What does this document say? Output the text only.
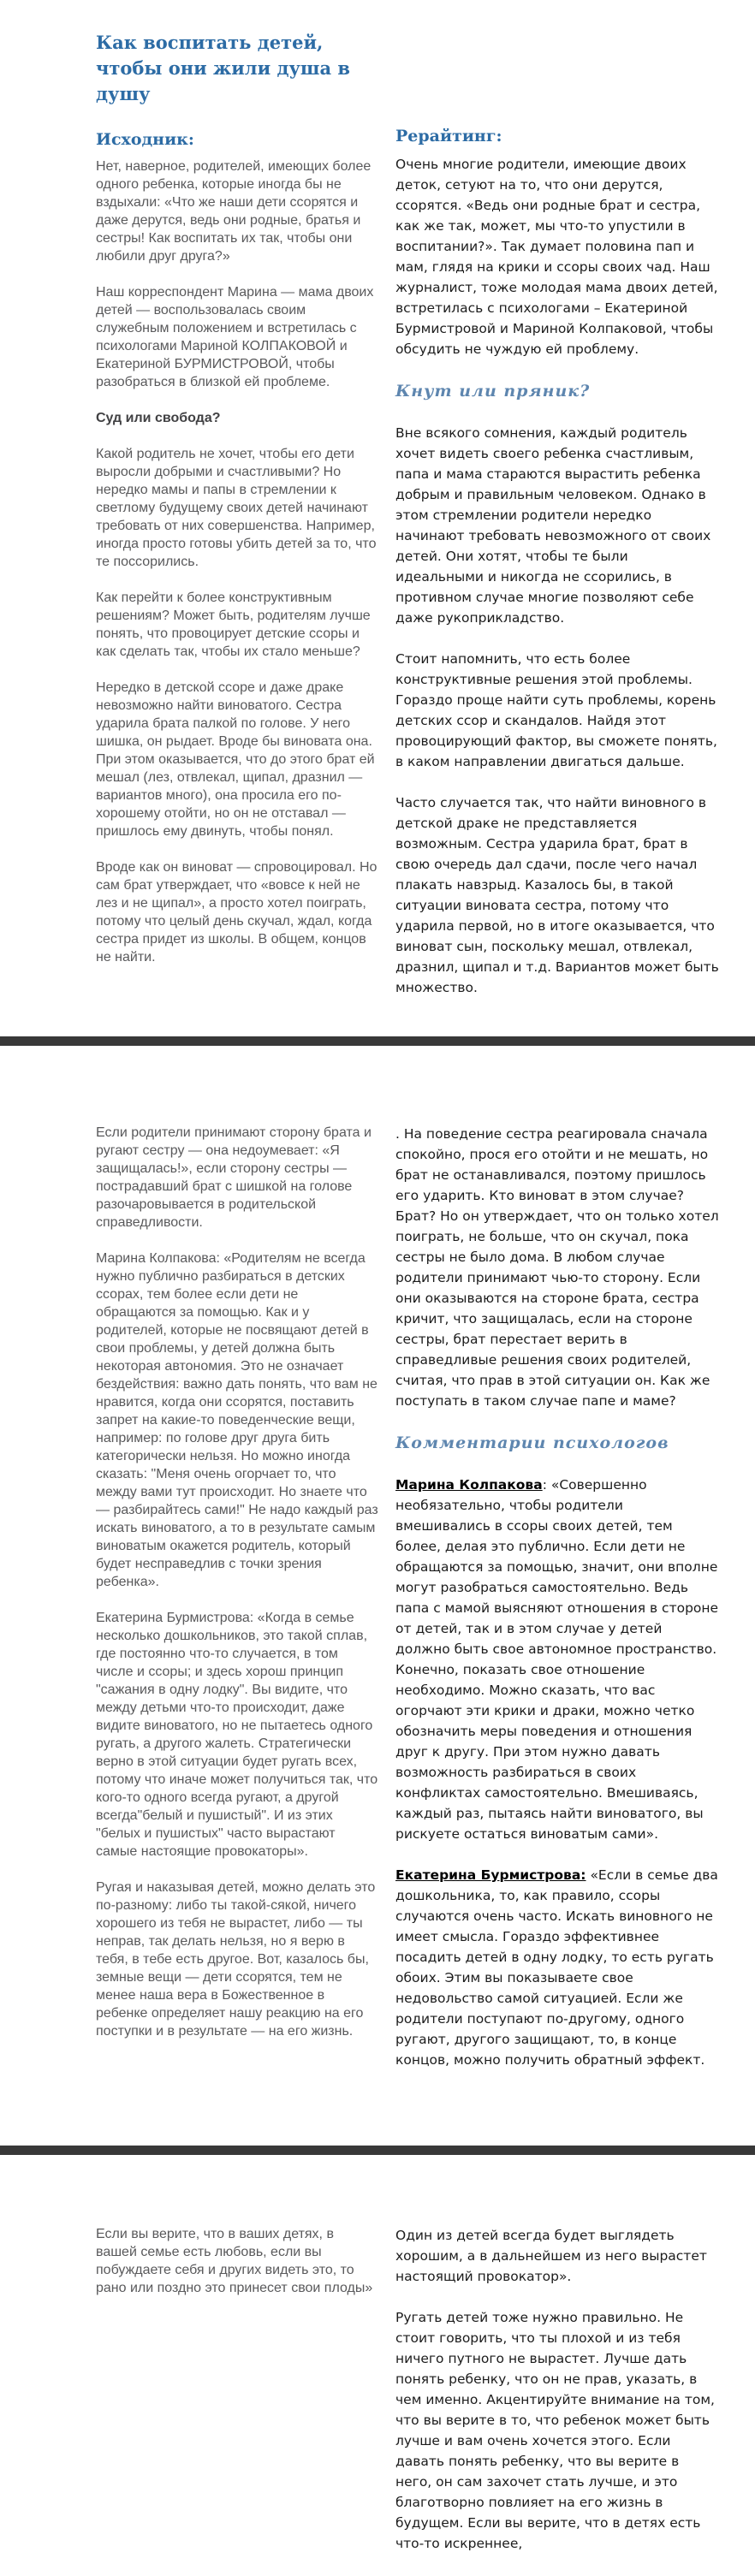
Как воспитать детей, чтобы они жили душа в душу
Исходник:

Нет, наверное, родителей, имеющих более одного ребенка, которые иногда бы не вздыхали: «Что же наши дети ссорятся и даже дерутся, ведь они родные, братья и сестры! Как воспитать их так, чтобы они любили друг друга?»

Наш корреспондент Марина — мама двоих детей — воспользовалась своим служебным положением и встретилась с психологами Мариной КОЛПАКОВОЙ и Екатериной БУРМИСТРОВОЙ, чтобы разобраться в близкой ей проблеме.

Суд или свобода?

Какой родитель не хочет, чтобы его дети выросли добрыми и счастливыми? Но нередко мамы и папы в стремлении к светлому будущему своих детей начинают требовать от них совершенства. Например, иногда просто готовы убить детей за то, что те поссорились.

Как перейти к более конструктивным решениям? Может быть, родителям лучше понять, что провоцирует детские ссоры и как сделать так, чтобы их стало меньше?

Нередко в детской ссоре и даже драке невозможно найти виноватого. Сестра ударила брата палкой по голове. У него шишка, он рыдает. Вроде бы виновата она. При этом оказывается, что до этого брат ей мешал (лез, отвлекал, щипал, дразнил — вариантов много), она просила его по-хорошему отойти, но он не отставал — пришлось ему двинуть, чтобы понял.

Вроде как он виноват — спровоцировал. Но сам брат утверждает, что «вовсе к ней не лез и не щипал», а просто хотел поиграть, потому что целый день скучал, ждал, когда сестра придет из школы. В общем, концов не найти.

Рерайтинг:

Очень многие родители, имеющие двоих деток, сетуют на то, что они дерутся, ссорятся. «Ведь они родные брат и сестра, как же так, может, мы что-то упустили в воспитании?». Так думает половина пап и мам, глядя на крики и ссоры своих чад. Наш журналист, тоже молодая мама двоих детей, встретилась с психологами – Екатериной Бурмистровой и Мариной Колпаковой, чтобы обсудить не чуждую ей проблему.

Кнут или пряник?

Вне всякого сомнения, каждый родитель хочет видеть своего ребенка счастливым, папа и мама стараются вырастить ребенка добрым и правильным человеком. Однако в этом стремлении родители нередко начинают требовать невозможного от своих детей. Они хотят, чтобы те были идеальными и никогда не ссорились, в противном случае многие позволяют себе даже рукоприкладство.

Стоит напомнить, что есть более конструктивные решения этой проблемы. Гораздо проще найти суть проблемы, корень детских ссор и скандалов. Найдя этот провоцирующий фактор, вы сможете понять, в каком направлении двигаться дальше.

Часто случается так, что найти виновного в детской драке не представляется возможным. Сестра ударила брат, брат в свою очередь дал сдачи, после чего начал плакать навзрыд. Казалось бы, в такой ситуации виновата сестра, потому что ударила первой, но в итоге оказывается, что виноват сын, поскольку мешал, отвлекал, дразнил, щипал и т.д. Вариантов может быть множество.

Если родители принимают сторону брата и ругают сестру — она недоумевает: «Я защищалась!», если сторону сестры — пострадавший брат с шишкой на голове разочаровывается в родительской справедливости.

Марина Колпакова: «Родителям не всегда нужно публично разбираться в детских ссорах, тем более если дети не обращаются за помощью. Как и у родителей, которые не посвящают детей в свои проблемы, у детей должна быть некоторая автономия. Это не означает бездействия: важно дать понять, что вам не нравится, когда они ссорятся, поставить запрет на какие-то поведенческие вещи, например: по голове друг друга бить категорически нельзя. Но можно иногда сказать: "Меня очень огорчает то, что между вами тут происходит. Но знаете что — разбирайтесь сами!" Не надо каждый раз искать виноватого, а то в результате самым виноватым окажется родитель, который будет несправедлив с точки зрения ребенка».

Екатерина Бурмистрова: «Когда в семье несколько дошкольников, это такой сплав, где постоянно что-то случается, в том числе и ссоры; и здесь хорош принцип "сажания в одну лодку". Вы видите, что между детьми что-то происходит, даже видите виноватого, но не пытаетесь одного ругать, а другого жалеть. Стратегически верно в этой ситуации будет ругать всех, потому что иначе может получиться так, что кого-то одного всегда ругают, а другой всегда"белый и пушистый". И из этих "белых и пушистых" часто вырастают самые настоящие провокаторы».

Ругая и наказывая детей, можно делать это по-разному: либо ты такой-сякой, ничего хорошего из тебя не вырастет, либо — ты неправ, так делать нельзя, но я верю в тебя, в тебе есть другое. Вот, казалось бы, земные вещи — дети ссорятся, тем не менее наша вера в Божественное в ребенке определяет нашу реакцию на его поступки и в результате — на его жизнь.

. На поведение сестра реагировала сначала спокойно, прося его отойти и не мешать, но брат не останавливался, поэтому пришлось его ударить. Кто виноват в этом случае? Брат? Но он утверждает, что он только хотел поиграть, не больше, что он скучал, пока сестры не было дома. В любом случае родители принимают чью-то сторону. Если они оказываются на стороне брата, сестра кричит, что защищалась, если на стороне сестры, брат перестает верить в справедливые решения своих родителей, считая, что прав в этой ситуации он. Как же поступать в таком случае папе и маме?

Комментарии психологов

Марина Колпакова: «Совершенно необязательно, чтобы родители вмешивались в ссоры своих детей, тем более, делая это публично. Если дети не обращаются за помощью, значит, они вполне могут разобраться самостоятельно. Ведь папа с мамой выясняют отношения в стороне от детей, так и в этом случае у детей должно быть свое автономное пространство. Конечно, показать свое отношение необходимо. Можно сказать, что вас огорчают эти крики и драки, можно четко обозначить меры поведения и отношения друг к другу. При этом нужно давать возможность разбираться в своих конфликтах самостоятельно. Вмешиваясь, каждый раз, пытаясь найти виноватого, вы рискуете остаться виноватым сами».

Екатерина Бурмистрова: «Если в семье два дошкольника, то, как правило, ссоры случаются очень часто. Искать виновного не имеет смысла. Гораздо эффективнее посадить детей в одну лодку, то есть ругать обоих. Этим вы показываете свое недовольство самой ситуацией. Если же родители поступают по-другому, одного ругают, другого защищают, то, в конце концов, можно получить обратный эффект.

Если вы верите, что в ваших детях, в вашей семье есть любовь, если вы побуждаете себя и других видеть это, то рано или поздно это принесет свои плоды»

Один из детей всегда будет выглядеть хорошим, а в дальнейшем из него вырастет настоящий провокатор».

Ругать детей тоже нужно правильно. Не стоит говорить, что ты плохой и из тебя ничего путного не вырастет. Лучше дать понять ребенку, что он не прав, указать, в чем именно. Акцентируйте внимание на том, что вы верите в то, что ребенок может быть лучше и вам очень хочется этого. Если давать понять ребенку, что вы верите в него, он сам захочет стать лучше, и это благотворно повлияет на его жизнь в будущем. Если вы верите, что в детях есть что-то искреннее,
